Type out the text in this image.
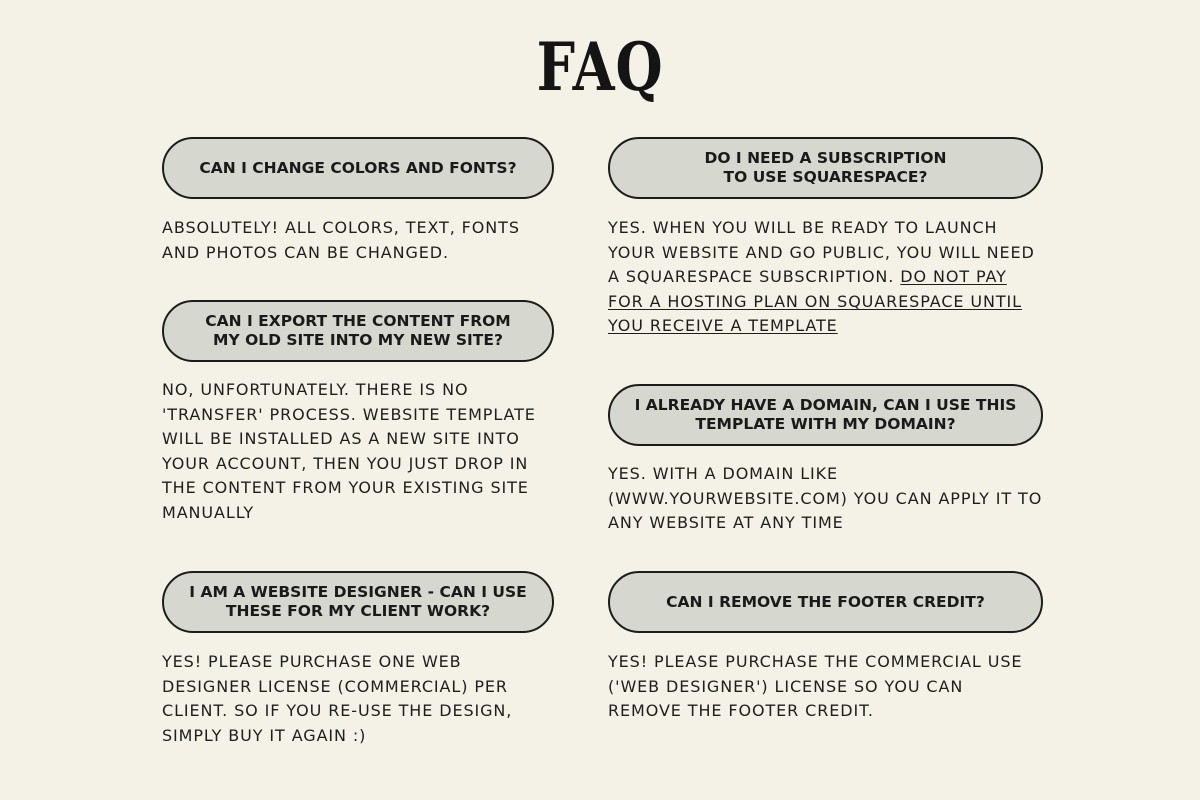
FAQ
CAN I CHANGE COLORS AND FONTS?

ABSOLUTELY! ALL COLORS, TEXT, FONTS AND PHOTOS CAN BE CHANGED.

CAN I EXPORT THE CONTENT FROM
MY OLD SITE INTO MY NEW SITE?

NO, UNFORTUNATELY. THERE IS NO 'TRANSFER' PROCESS. WEBSITE TEMPLATE WILL BE INSTALLED AS A NEW SITE INTO YOUR ACCOUNT, THEN YOU JUST DROP IN THE CONTENT FROM YOUR EXISTING SITE MANUALLY

I AM A WEBSITE DESIGNER - CAN I USE
THESE FOR MY CLIENT WORK?

YES! PLEASE PURCHASE ONE WEB DESIGNER LICENSE (COMMERCIAL) PER CLIENT. SO IF YOU RE-USE THE DESIGN, SIMPLY BUY IT AGAIN :)

DO I NEED A SUBSCRIPTION
TO USE SQUARESPACE?

YES. WHEN YOU WILL BE READY TO LAUNCH YOUR WEBSITE AND GO PUBLIC, YOU WILL NEED A SQUARESPACE SUBSCRIPTION. DO NOT PAY FOR A HOSTING PLAN ON SQUARESPACE UNTIL YOU RECEIVE A TEMPLATE

I ALREADY HAVE A DOMAIN, CAN I USE THIS
TEMPLATE WITH MY DOMAIN?

YES. WITH A DOMAIN LIKE (WWW.YOURWEBSITE.COM) YOU CAN APPLY IT TO ANY WEBSITE AT ANY TIME

CAN I REMOVE THE FOOTER CREDIT?

YES! PLEASE PURCHASE THE COMMERCIAL USE ('WEB DESIGNER') LICENSE SO YOU CAN REMOVE THE FOOTER CREDIT.
